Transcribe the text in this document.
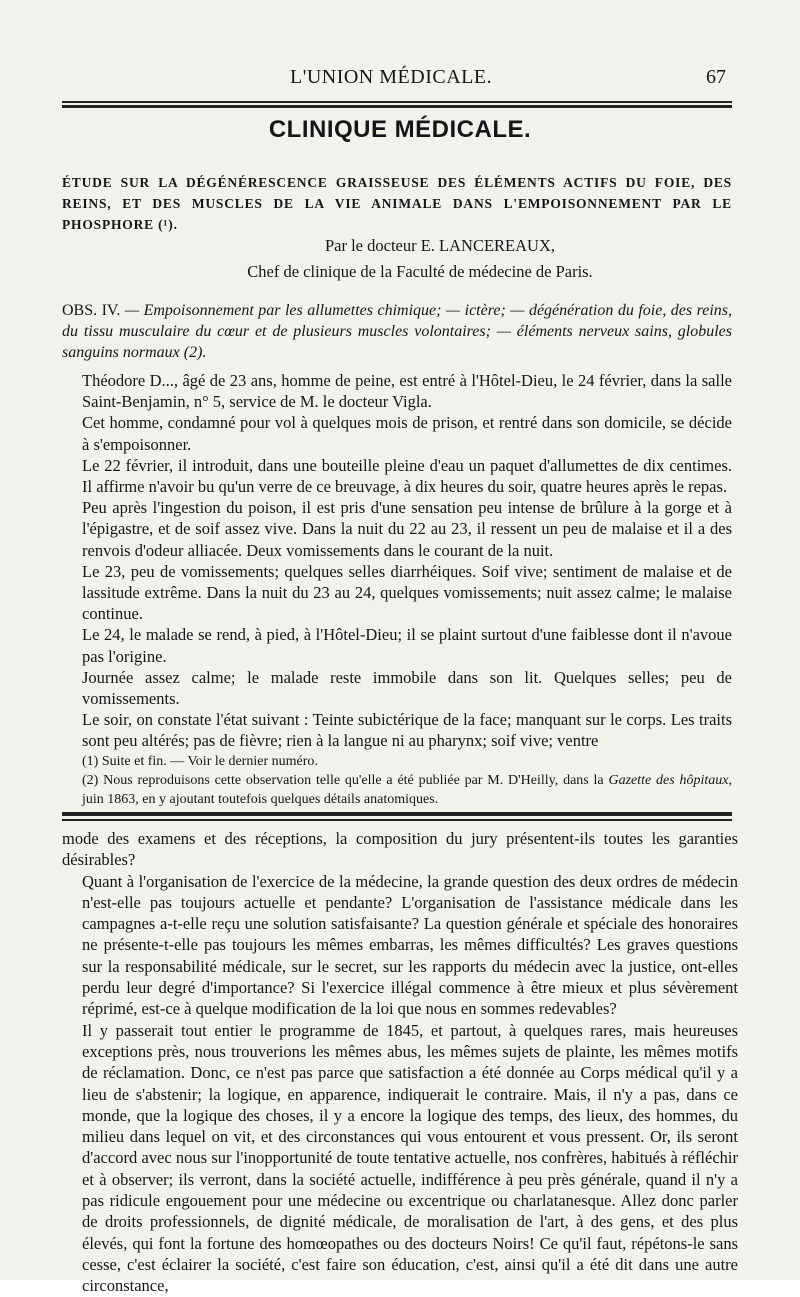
L'UNION MÉDICALE.	67
CLINIQUE MÉDICALE.
ÉTUDE SUR LA DÉGÉNÉRESCENCE GRAISSEUSE DES ÉLÉMENTS ACTIFS DU FOIE, DES REINS, ET DES MUSCLES DE LA VIE ANIMALE DANS L'EMPOISONNEMENT PAR LE PHOSPHORE (¹).
Par le docteur E. LANCEREAUX,
Chef de clinique de la Faculté de médecine de Paris.
OBS. IV. — Empoisonnement par les allumettes chimique; — ictère; — dégénération du foie, des reins, du tissu musculaire du cœur et de plusieurs muscles volontaires; — éléments nerveux sains, globules sanguins normaux (2).

Théodore D..., âgé de 23 ans, homme de peine, est entré à l'Hôtel-Dieu, le 24 février, dans la salle Saint-Benjamin, n° 5, service de M. le docteur Vigla.

Cet homme, condamné pour vol à quelques mois de prison, et rentré dans son domicile, se décide à s'empoisonner.

Le 22 février, il introduit, dans une bouteille pleine d'eau un paquet d'allumettes de dix centimes. Il affirme n'avoir bu qu'un verre de ce breuvage, à dix heures du soir, quatre heures après le repas.

Peu après l'ingestion du poison, il est pris d'une sensation peu intense de brûlure à la gorge et à l'épigastre, et de soif assez vive. Dans la nuit du 22 au 23, il ressent un peu de malaise et il a des renvois d'odeur alliacée. Deux vomissements dans le courant de la nuit.

Le 23, peu de vomissements; quelques selles diarrhéiques. Soif vive; sentiment de malaise et de lassitude extrême. Dans la nuit du 23 au 24, quelques vomissements; nuit assez calme; le malaise continue.

Le 24, le malade se rend, à pied, à l'Hôtel-Dieu; il se plaint surtout d'une faiblesse dont il n'avoue pas l'origine.

Journée assez calme; le malade reste immobile dans son lit. Quelques selles; peu de vomissements.

Le soir, on constate l'état suivant : Teinte subictérique de la face; manquant sur le corps. Les traits sont peu altérés; pas de fièvre; rien à la langue ni au pharynx; soif vive; ventre

(1) Suite et fin. — Voir le dernier numéro.

(2) Nous reproduisons cette observation telle qu'elle a été publiée par M. D'Heilly, dans la Gazette des hôpitaux, juin 1863, en y ajoutant toutefois quelques détails anatomiques.

mode des examens et des réceptions, la composition du jury présentent-ils toutes les garanties désirables?

Quant à l'organisation de l'exercice de la médecine, la grande question des deux ordres de médecin n'est-elle pas toujours actuelle et pendante? L'organisation de l'assistance médicale dans les campagnes a-t-elle reçu une solution satisfaisante? La question générale et spéciale des honoraires ne présente-t-elle pas toujours les mêmes embarras, les mêmes difficultés? Les graves questions sur la responsabilité médicale, sur le secret, sur les rapports du médecin avec la justice, ont-elles perdu leur degré d'importance? Si l'exercice illégal commence à être mieux et plus sévèrement réprimé, est-ce à quelque modification de la loi que nous en sommes redevables?

Il y passerait tout entier le programme de 1845, et partout, à quelques rares, mais heureuses exceptions près, nous trouverions les mêmes abus, les mêmes sujets de plainte, les mêmes motifs de réclamation. Donc, ce n'est pas parce que satisfaction a été donnée au Corps médical qu'il y a lieu de s'abstenir; la logique, en apparence, indiquerait le contraire. Mais, il n'y a pas, dans ce monde, que la logique des choses, il y a encore la logique des temps, des lieux, des hommes, du milieu dans lequel on vit, et des circonstances qui vous entourent et vous pressent. Or, ils seront d'accord avec nous sur l'inopportunité de toute tentative actuelle, nos confrères, habitués à réfléchir et à observer; ils verront, dans la société actuelle, indifférence à peu près générale, quand il n'y a pas ridicule engouement pour une médecine ou excentrique ou charlatanesque. Allez donc parler de droits professionnels, de dignité médicale, de moralisation de l'art, à des gens, et des plus élevés, qui font la fortune des homœopathes ou des docteurs Noirs! Ce qu'il faut, répétons-le sans cesse, c'est éclairer la société, c'est faire son éducation, c'est, ainsi qu'il a été dit dans une autre circonstance,
